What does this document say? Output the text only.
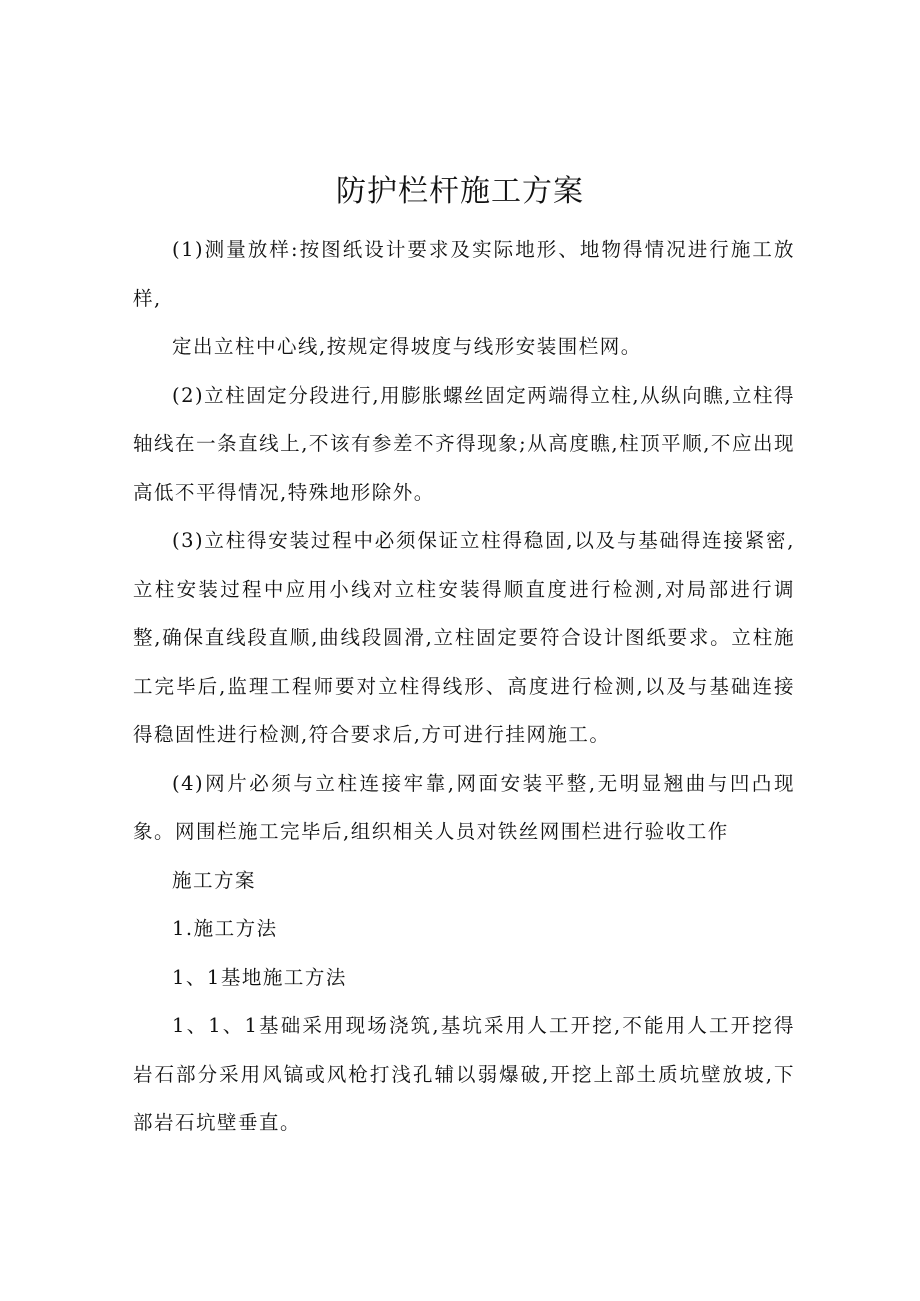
防护栏杆施工方案

(1)测量放样:按图纸设计要求及实际地形、地物得情况进行施工放样,

定出立柱中心线,按规定得坡度与线形安装围栏网。

(2)立柱固定分段进行,用膨胀螺丝固定两端得立柱,从纵向瞧,立柱得轴线在一条直线上,不该有参差不齐得现象;从高度瞧,柱顶平顺,不应出现高低不平得情况,特殊地形除外。

(3)立柱得安装过程中必须保证立柱得稳固,以及与基础得连接紧密,立柱安装过程中应用小线对立柱安装得顺直度进行检测,对局部进行调整,确保直线段直顺,曲线段圆滑,立柱固定要符合设计图纸要求。立柱施工完毕后,监理工程师要对立柱得线形、高度进行检测,以及与基础连接得稳固性进行检测,符合要求后,方可进行挂网施工。

(4)网片必须与立柱连接牢靠,网面安装平整,无明显翘曲与凹凸现象。网围栏施工完毕后,组织相关人员对铁丝网围栏进行验收工作

施工方案

1.施工方法

1、1基地施工方法

1、1、1基础采用现场浇筑,基坑采用人工开挖,不能用人工开挖得岩石部分采用风镐或风枪打浅孔辅以弱爆破,开挖上部土质坑壁放坡,下部岩石坑壁垂直。
